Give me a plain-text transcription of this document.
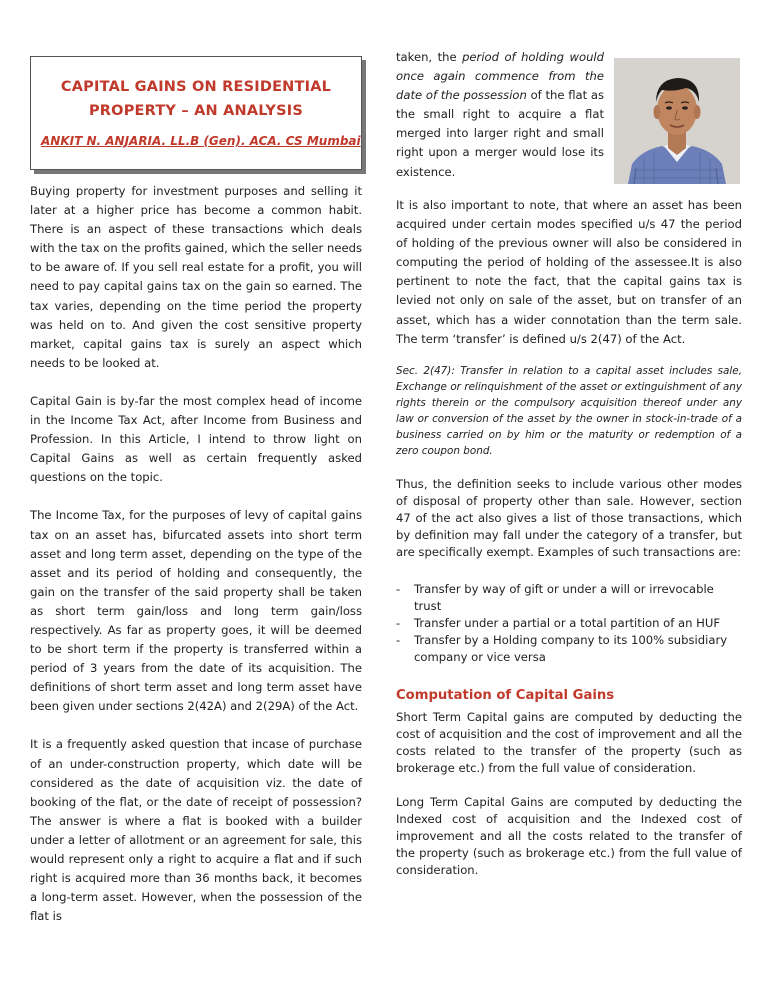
CAPITAL GAINS ON RESIDENTIAL
PROPERTY – AN ANALYSIS
ANKIT N. ANJARIA. LL.B (Gen). ACA. CS Mumbai

Buying property for investment purposes and selling it later at a higher price has become a common habit. There is an aspect of these transactions which deals with the tax on the profits gained, which the seller needs to be aware of. If you sell real estate for a profit, you will need to pay capital gains tax on the gain so earned. The tax varies, depending on the time period the property was held on to. And given the cost sensitive property market, capital gains tax is surely an aspect which needs to be looked at.

Capital Gain is by-far the most complex head of income in the Income Tax Act, after Income from Business and Profession. In this Article, I intend to throw light on Capital Gains as well as certain frequently asked questions on the topic.

The Income Tax, for the purposes of levy of capital gains tax on an asset has, bifurcated assets into short term asset and long term asset, depending on the type of the asset and its period of holding and consequently, the gain on the transfer of the said property shall be taken as short term gain/loss and long term gain/loss respectively. As far as property goes, it will be deemed to be short term if the property is transferred within a period of 3 years from the date of its acquisition. The definitions of short term asset and long term asset have been given under sections 2(42A) and 2(29A) of the Act.

It is a frequently asked question that incase of purchase of an under-construction property, which date will be considered as the date of acquisition viz. the date of booking of the flat, or the date of receipt of possession? The answer is where a flat is booked with a builder under a letter of allotment or an agreement for sale, this would represent only a right to acquire a flat and if such right is acquired more than 36 months back, it becomes a long-term asset. However, when the possession of the flat is

taken, the period of holding would once again commence from the date of the possession of the flat as the small right to acquire a flat merged into larger right and small right upon a merger would lose its existence.

It is also important to note, that where an asset has been acquired under certain modes specified u/s 47 the period of holding of the previous owner will also be considered in computing the period of holding of the assessee.It is also pertinent to note the fact, that the capital gains tax is levied not only on sale of the asset, but on transfer of an asset, which has a wider connotation than the term sale. The term ‘transfer’ is defined u/s 2(47) of the Act.

Sec. 2(47): Transfer in relation to a capital asset includes sale, Exchange or relinquishment of the asset or extinguishment of any rights therein or the compulsory acquisition thereof under any law or conversion of the asset by the owner in stock-in-trade of a business carried on by him or the maturity or redemption of a zero coupon bond.

Thus, the definition seeks to include various other modes of disposal of property other than sale. However, section 47 of the act also gives a list of those transactions, which by definition may fall under the category of a transfer, but are specifically exempt. Examples of such transactions are:

- Transfer by way of gift or under a will or irrevocable trust
- Transfer under a partial or a total partition of an HUF
- Transfer by a Holding company to its 100% subsidiary company or vice versa
Computation of Capital Gains

Short Term Capital gains are computed by deducting the cost of acquisition and the cost of improvement and all the costs related to the transfer of the property (such as brokerage etc.) from the full value of consideration.

Long Term Capital Gains are computed by deducting the Indexed cost of acquisition and the Indexed cost of improvement and all the costs related to the transfer of the property (such as brokerage etc.) from the full value of consideration.
